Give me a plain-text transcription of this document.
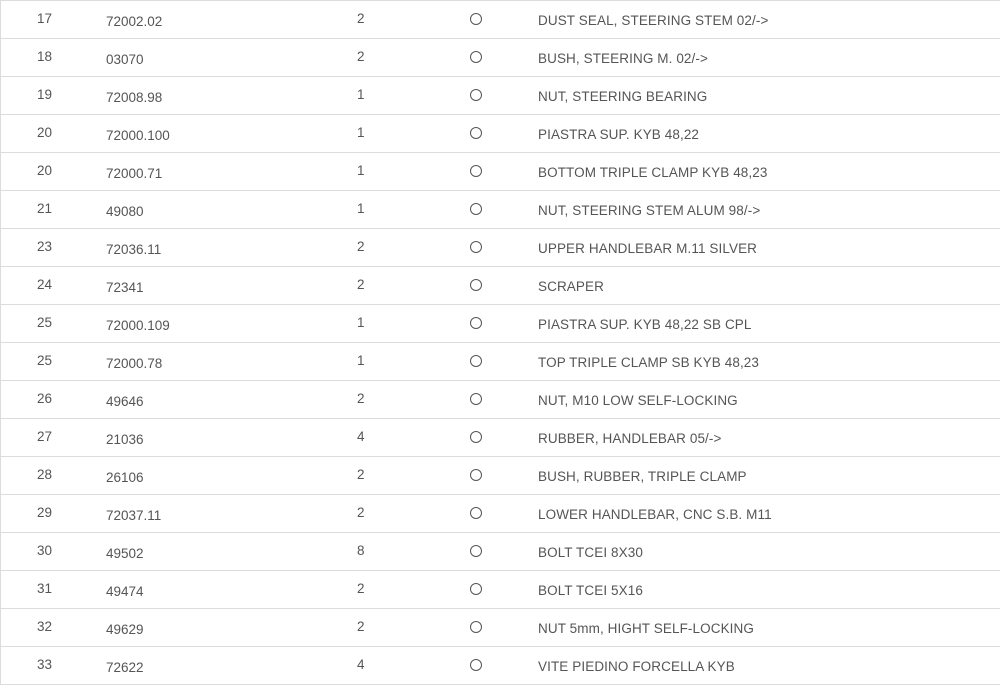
17	72002.02	2	DUST SEAL, STEERING STEM 02/->
18	03070	2	BUSH, STEERING M. 02/->
19	72008.98	1	NUT, STEERING BEARING
20	72000.100	1	PIASTRA SUP. KYB 48,22
20	72000.71	1	BOTTOM TRIPLE CLAMP KYB 48,23
21	49080	1	NUT, STEERING STEM ALUM 98/->
23	72036.11	2	UPPER HANDLEBAR M.11 SILVER
24	72341	2	SCRAPER
25	72000.109	1	PIASTRA SUP. KYB 48,22 SB CPL
25	72000.78	1	TOP TRIPLE CLAMP SB KYB 48,23
26	49646	2	NUT, M10 LOW SELF-LOCKING
27	21036	4	RUBBER, HANDLEBAR 05/->
28	26106	2	BUSH, RUBBER, TRIPLE CLAMP
29	72037.11	2	LOWER HANDLEBAR, CNC S.B. M11
30	49502	8	BOLT TCEI 8X30
31	49474	2	BOLT TCEI 5X16
32	49629	2	NUT 5mm, HIGHT SELF-LOCKING
33	72622	4	VITE PIEDINO FORCELLA KYB
